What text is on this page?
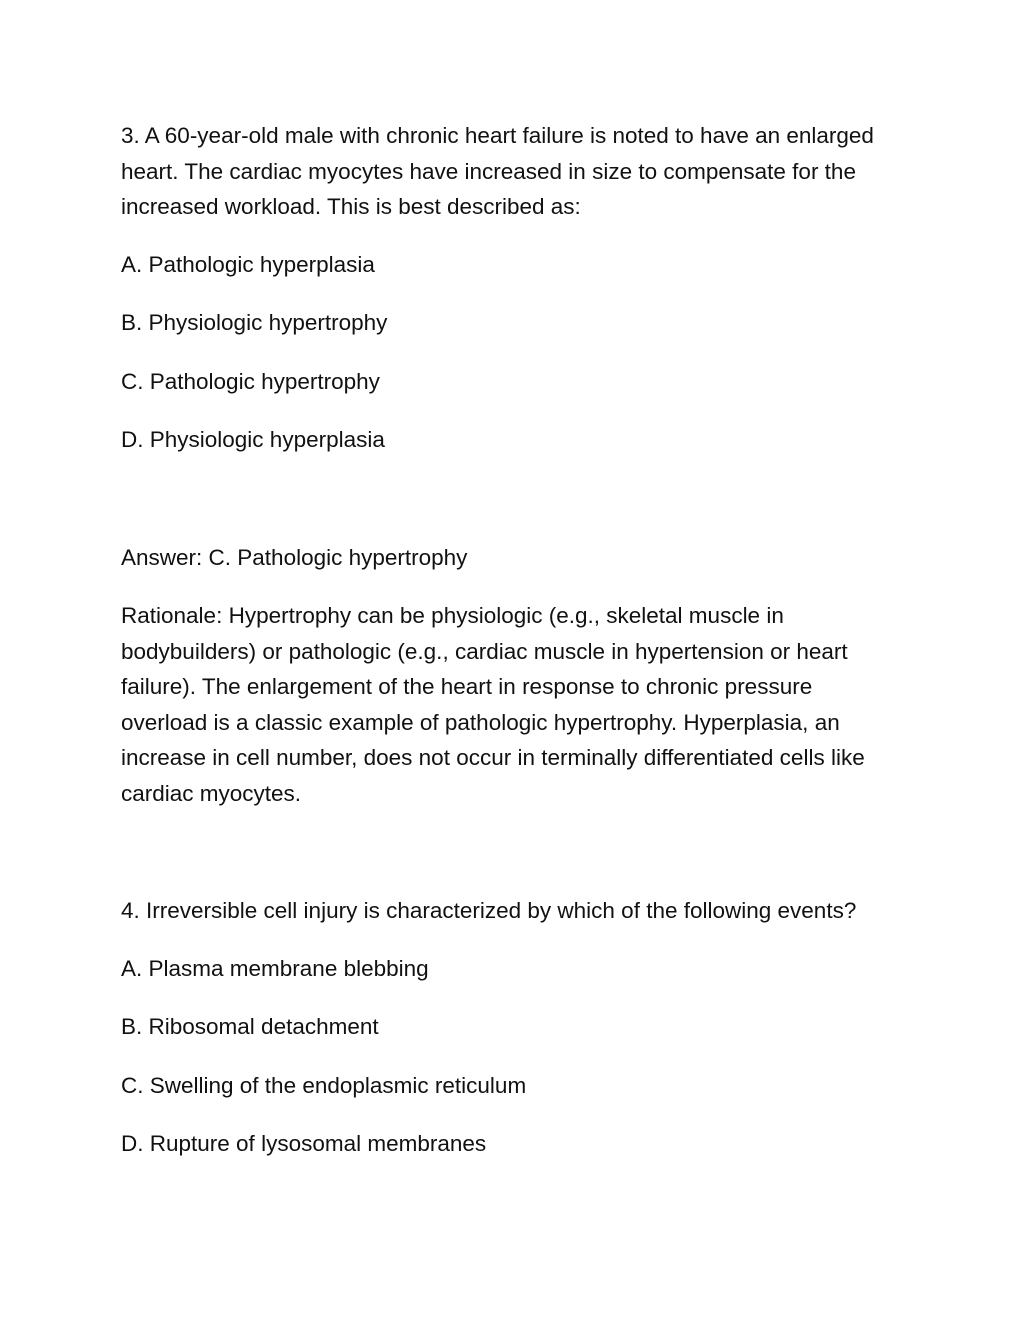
3. A 60-year-old male with chronic heart failure is noted to have an enlarged heart. The cardiac myocytes have increased in size to compensate for the increased workload. This is best described as:

A. Pathologic hyperplasia

B. Physiologic hypertrophy

C. Pathologic hypertrophy

D. Physiologic hyperplasia

Answer: C. Pathologic hypertrophy

Rationale: Hypertrophy can be physiologic (e.g., skeletal muscle in bodybuilders) or pathologic (e.g., cardiac muscle in hypertension or heart failure). The enlargement of the heart in response to chronic pressure overload is a classic example of pathologic hypertrophy. Hyperplasia, an increase in cell number, does not occur in terminally differentiated cells like cardiac myocytes.

4. Irreversible cell injury is characterized by which of the following events?

A. Plasma membrane blebbing

B. Ribosomal detachment

C. Swelling of the endoplasmic reticulum

D. Rupture of lysosomal membranes
